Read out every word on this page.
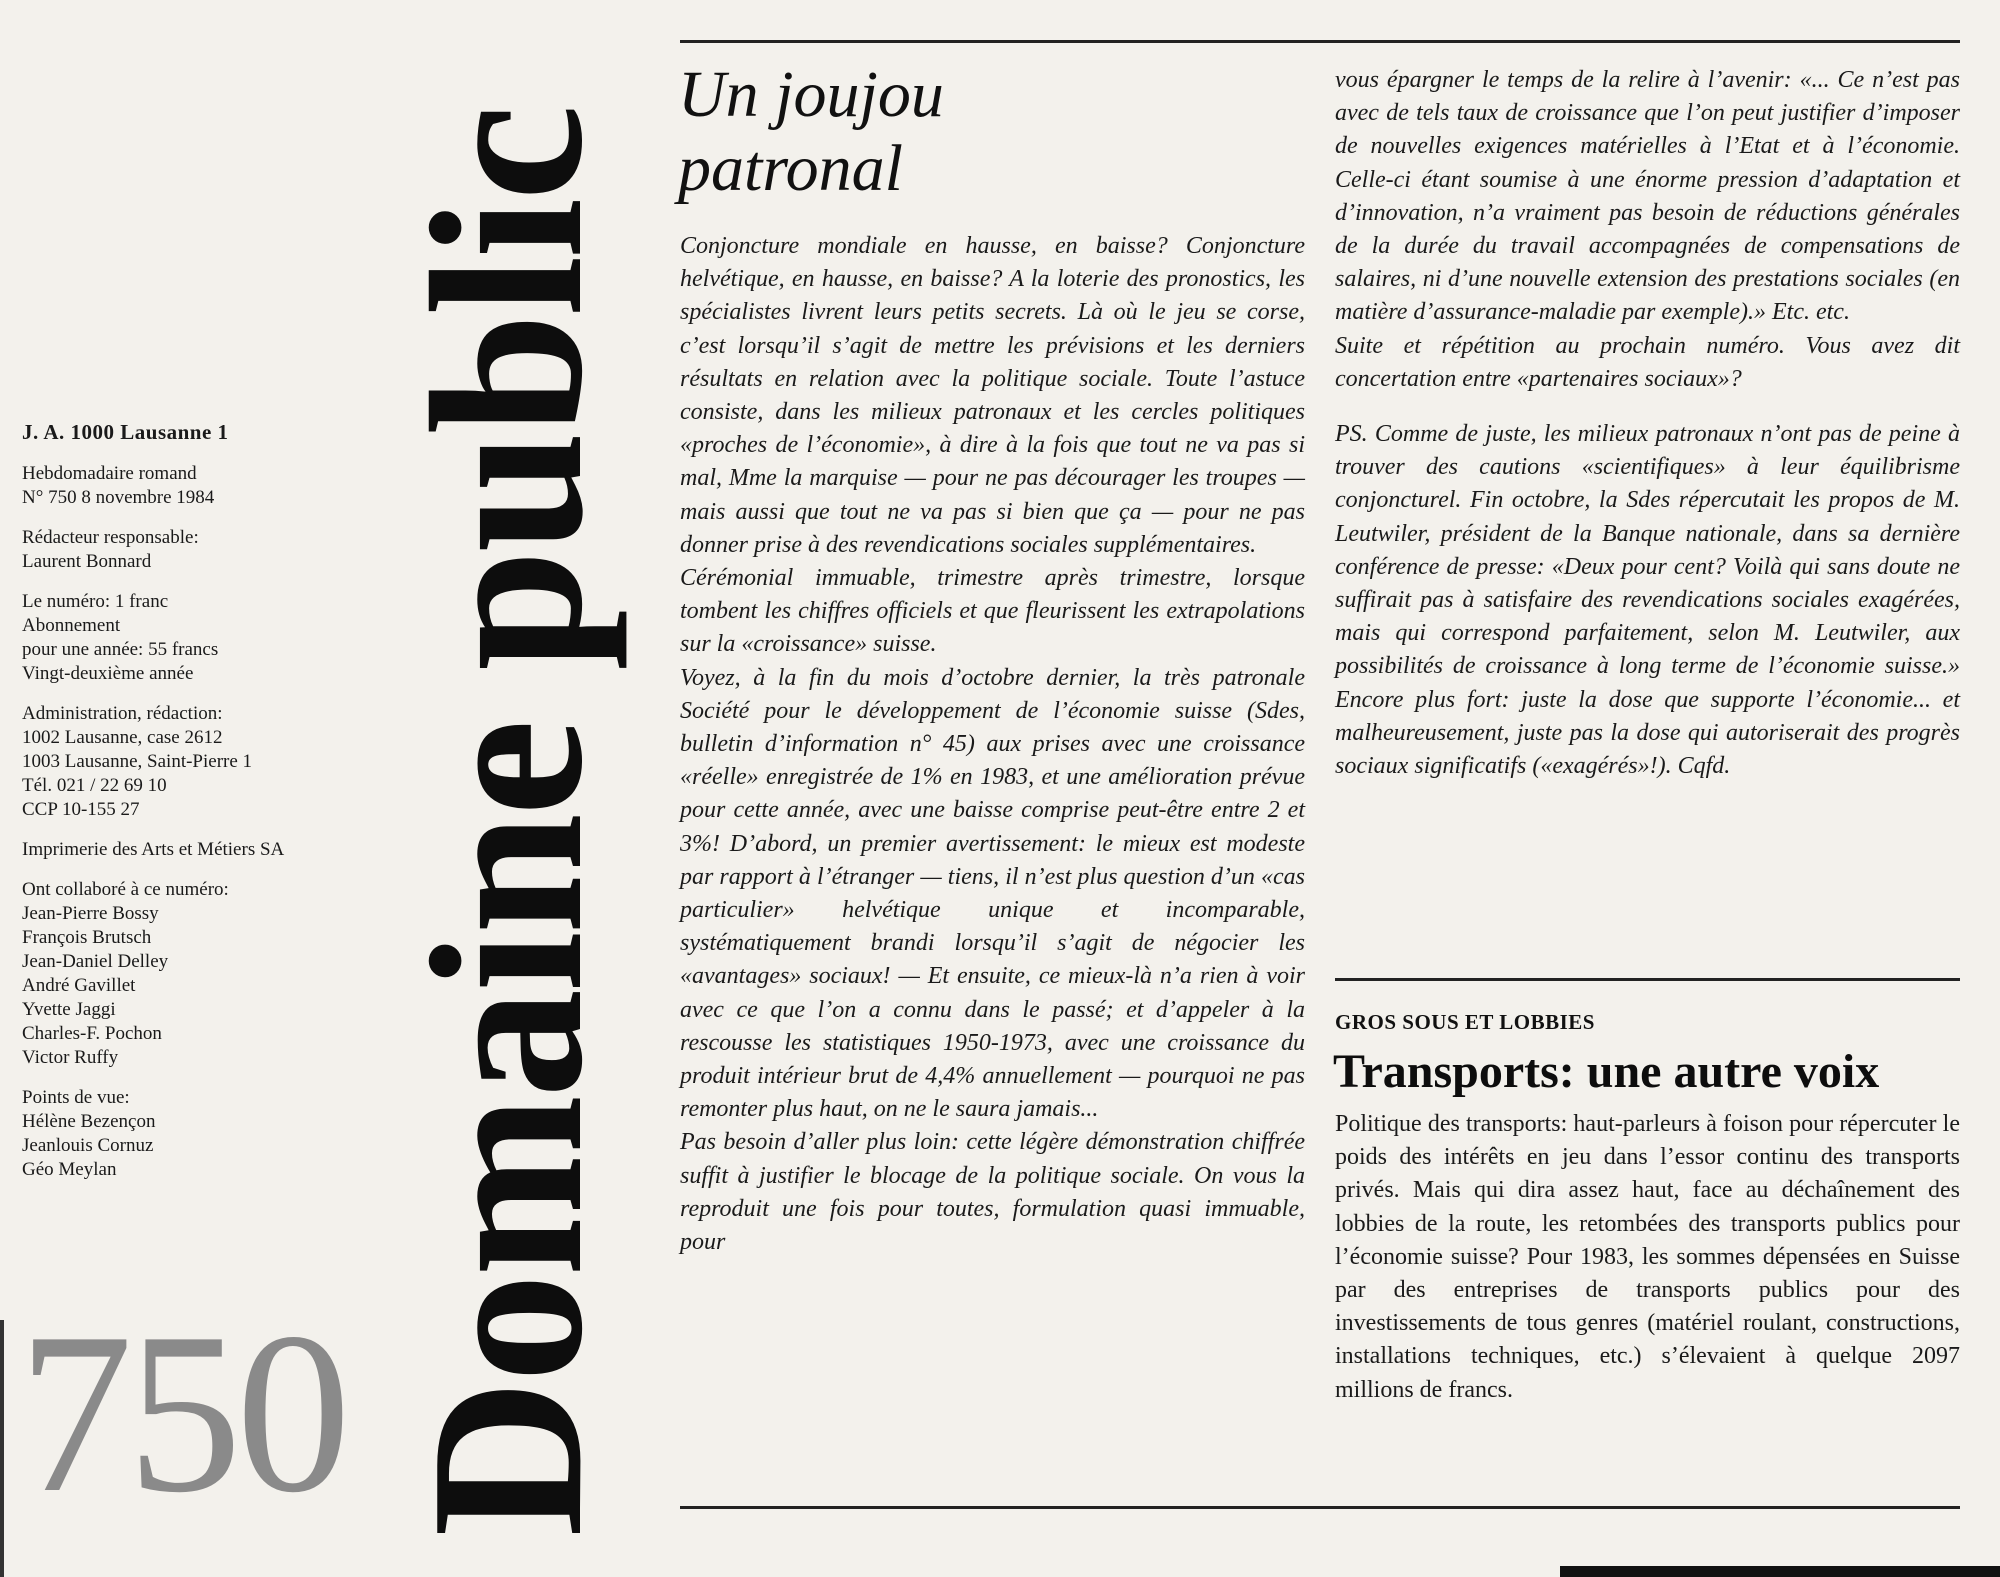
J. A. 1000 Lausanne 1
Hebdomadaire romand
N° 750 8 novembre 1984
Rédacteur responsable:
Laurent Bonnard
Le numéro: 1 franc
Abonnement
pour une année: 55 francs
Vingt-deuxième année
Administration, rédaction:
1002 Lausanne, case 2612
1003 Lausanne, Saint-Pierre 1
Tél. 021 / 22 69 10
CCP 10-155 27
Imprimerie des Arts et Métiers SA
Ont collaboré à ce numéro:
Jean-Pierre Bossy
François Brutsch
Jean-Daniel Delley
André Gavillet
Yvette Jaggi
Charles-F. Pochon
Victor Ruffy
Points de vue:
Hélène Bezençon
Jeanlouis Cornuz
Géo Meylan
750 Domaine public
Un joujou
patronal

Conjoncture mondiale en hausse, en baisse? Conjoncture helvétique, en hausse, en baisse? A la loterie des pronostics, les spécialistes livrent leurs petits secrets. Là où le jeu se corse, c’est lorsqu’il s’agit de mettre les prévisions et les derniers résultats en relation avec la politique sociale. Toute l’astuce consiste, dans les milieux patronaux et les cercles politiques «proches de l’économie», à dire à la fois que tout ne va pas si mal, Mme la marquise — pour ne pas décourager les troupes — mais aussi que tout ne va pas si bien que ça — pour ne pas donner prise à des revendications sociales supplémentaires.

Cérémonial immuable, trimestre après trimestre, lorsque tombent les chiffres officiels et que fleurissent les extrapolations sur la «croissance» suisse.

Voyez, à la fin du mois d’octobre dernier, la très patronale Société pour le développement de l’économie suisse (Sdes, bulletin d’information n° 45) aux prises avec une croissance «réelle» enregistrée de 1% en 1983, et une amélioration prévue pour cette année, avec une baisse comprise peut-être entre 2 et 3%! D’abord, un premier avertissement: le mieux est modeste par rapport à l’étranger — tiens, il n’est plus question d’un «cas particulier» helvétique unique et incomparable, systématiquement brandi lorsqu’il s’agit de négocier les «avantages» sociaux! — Et ensuite, ce mieux-là n’a rien à voir avec ce que l’on a connu dans le passé; et d’appeler à la rescousse les statistiques 1950-1973, avec une croissance du produit intérieur brut de 4,4% annuellement — pourquoi ne pas remonter plus haut, on ne le saura jamais...

Pas besoin d’aller plus loin: cette légère démonstration chiffrée suffit à justifier le blocage de la politique sociale. On vous la reproduit une fois pour toutes, formulation quasi immuable, pour

vous épargner le temps de la relire à l’avenir: «... Ce n’est pas avec de tels taux de croissance que l’on peut justifier d’imposer de nouvelles exigences matérielles à l’Etat et à l’économie. Celle-ci étant soumise à une énorme pression d’adaptation et d’innovation, n’a vraiment pas besoin de réductions générales de la durée du travail accompagnées de compensations de salaires, ni d’une nouvelle extension des prestations sociales (en matière d’assurance-maladie par exemple).» Etc. etc.

Suite et répétition au prochain numéro. Vous avez dit concertation entre «partenaires sociaux»?

PS. Comme de juste, les milieux patronaux n’ont pas de peine à trouver des cautions «scientifiques» à leur équilibrisme conjoncturel. Fin octobre, la Sdes répercutait les propos de M. Leutwiler, président de la Banque nationale, dans sa dernière conférence de presse: «Deux pour cent? Voilà qui sans doute ne suffirait pas à satisfaire des revendications sociales exagérées, mais qui correspond parfaitement, selon M. Leutwiler, aux possibilités de croissance à long terme de l’économie suisse.» Encore plus fort: juste la dose que supporte l’économie... et malheureusement, juste pas la dose qui autoriserait des progrès sociaux significatifs («exagérés»!). Cqfd.

GROS SOUS ET LOBBIES
Transports: une autre voix

Politique des transports: haut-parleurs à foison pour répercuter le poids des intérêts en jeu dans l’essor continu des transports privés. Mais qui dira assez haut, face au déchaînement des lobbies de la route, les retombées des transports publics pour l’économie suisse? Pour 1983, les sommes dépensées en Suisse par des entreprises de transports publics pour des investissements de tous genres (matériel roulant, constructions, installations techniques, etc.) s’élevaient à quelque 2097 millions de francs.
